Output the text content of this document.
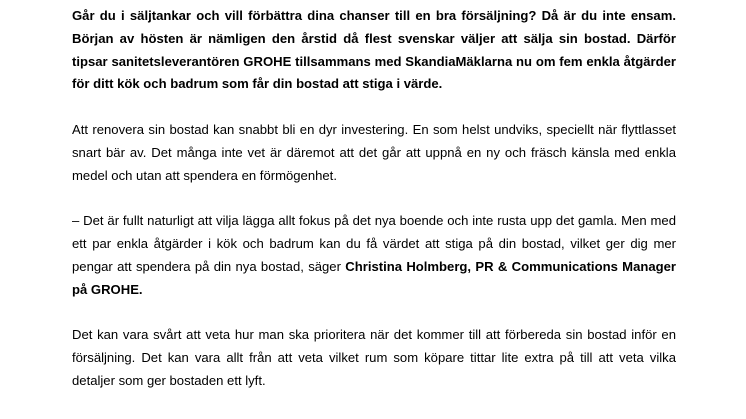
Går du i säljtankar och vill förbättra dina chanser till en bra försäljning? Då är du inte ensam. Början av hösten är nämligen den årstid då flest svenskar väljer att sälja sin bostad. Därför tipsar sanitetsleverantören GROHE tillsammans med SkandiaMäklarna nu om fem enkla åtgärder för ditt kök och badrum som får din bostad att stiga i värde.

Att renovera sin bostad kan snabbt bli en dyr investering. En som helst undviks, speciellt när flyttlasset snart bär av. Det många inte vet är däremot att det går att uppnå en ny och fräsch känsla med enkla medel och utan att spendera en förmögenhet.

– Det är fullt naturligt att vilja lägga allt fokus på det nya boende och inte rusta upp det gamla. Men med ett par enkla åtgärder i kök och badrum kan du få värdet att stiga på din bostad, vilket ger dig mer pengar att spendera på din nya bostad, säger Christina Holmberg, PR & Communications Manager på GROHE.

Det kan vara svårt att veta hur man ska prioritera när det kommer till att förbereda sin bostad inför en försäljning. Det kan vara allt från att veta vilket rum som köpare tittar lite extra på till att veta vilka detaljer som ger bostaden ett lyft.
